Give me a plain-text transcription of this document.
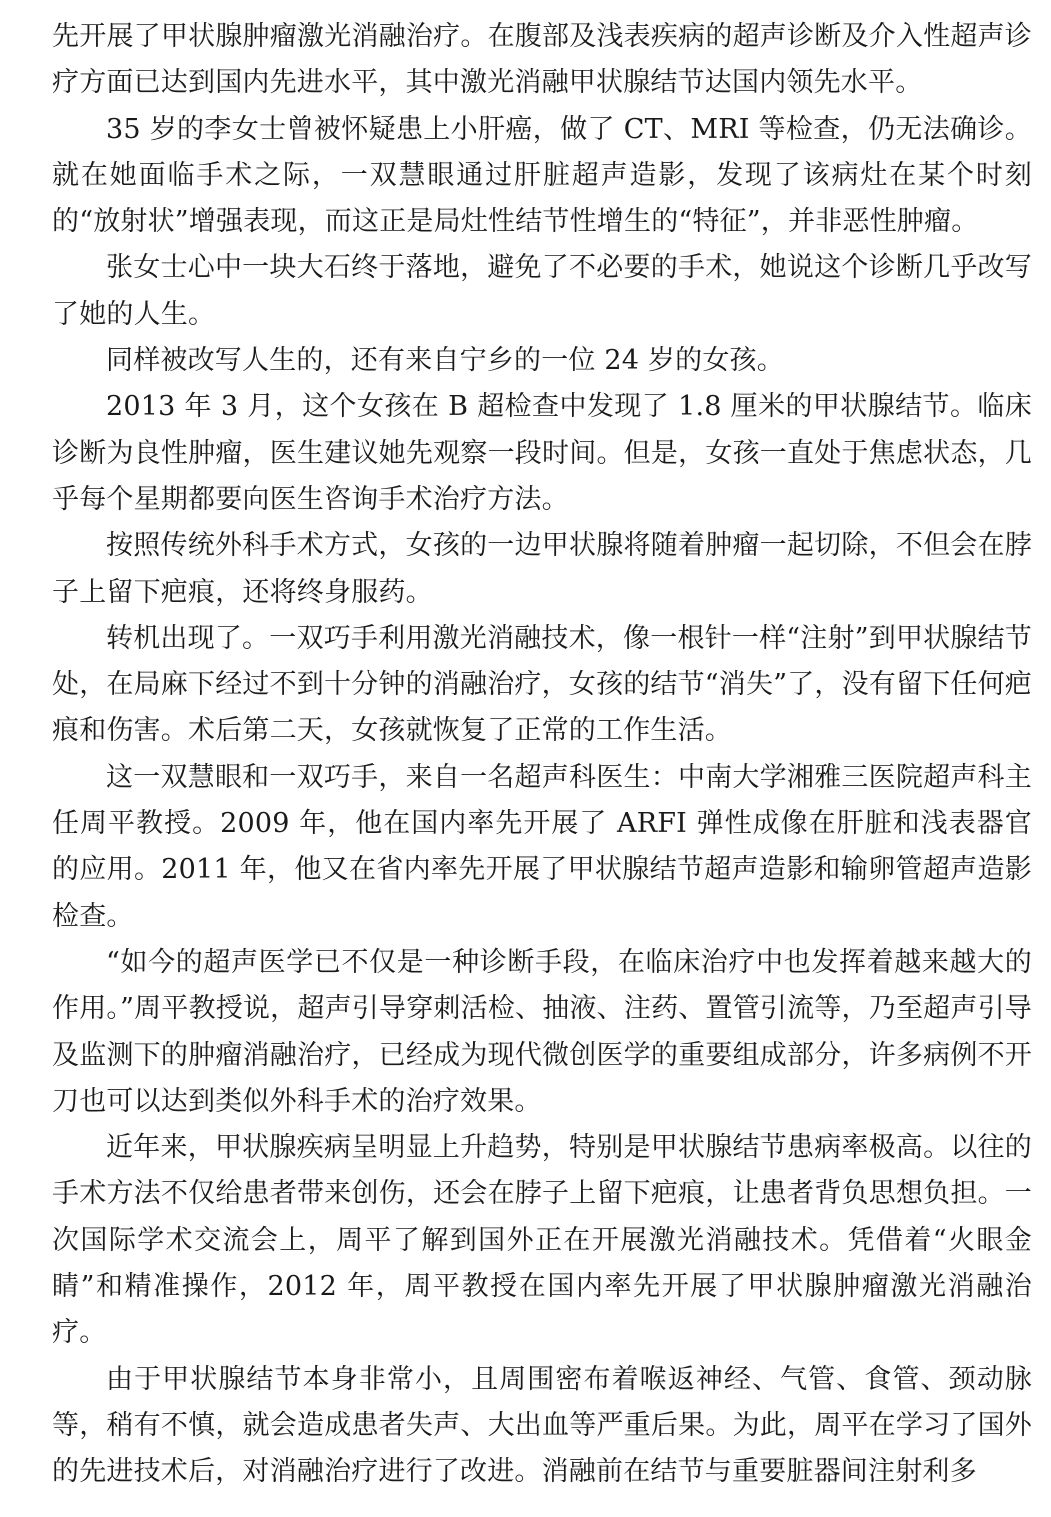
先开展了甲状腺肿瘤激光消融治疗。在腹部及浅表疾病的超声诊断及介入性超声诊疗方面已达到国内先进水平，其中激光消融甲状腺结节达国内领先水平。

35 岁的李女士曾被怀疑患上小肝癌，做了 CT、MRI 等检查，仍无法确诊。就在她面临手术之际，一双慧眼通过肝脏超声造影，发现了该病灶在某个时刻的“放射状”增强表现，而这正是局灶性结节性增生的“特征”，并非恶性肿瘤。

张女士心中一块大石终于落地，避免了不必要的手术，她说这个诊断几乎改写了她的人生。

同样被改写人生的，还有来自宁乡的一位 24 岁的女孩。

2013 年 3 月，这个女孩在 B 超检查中发现了 1.8 厘米的甲状腺结节。临床诊断为良性肿瘤，医生建议她先观察一段时间。但是，女孩一直处于焦虑状态，几乎每个星期都要向医生咨询手术治疗方法。

按照传统外科手术方式，女孩的一边甲状腺将随着肿瘤一起切除，不但会在脖子上留下疤痕，还将终身服药。

转机出现了。一双巧手利用激光消融技术，像一根针一样“注射”到甲状腺结节处，在局麻下经过不到十分钟的消融治疗，女孩的结节“消失”了，没有留下任何疤痕和伤害。术后第二天，女孩就恢复了正常的工作生活。

这一双慧眼和一双巧手，来自一名超声科医生：中南大学湘雅三医院超声科主任周平教授。2009 年，他在国内率先开展了 ARFI 弹性成像在肝脏和浅表器官的应用。2011 年，他又在省内率先开展了甲状腺结节超声造影和输卵管超声造影检查。

“如今的超声医学已不仅是一种诊断手段，在临床治疗中也发挥着越来越大的作用。”周平教授说，超声引导穿刺活检、抽液、注药、置管引流等，乃至超声引导及监测下的肿瘤消融治疗，已经成为现代微创医学的重要组成部分，许多病例不开刀也可以达到类似外科手术的治疗效果。

近年来，甲状腺疾病呈明显上升趋势，特别是甲状腺结节患病率极高。以往的手术方法不仅给患者带来创伤，还会在脖子上留下疤痕，让患者背负思想负担。一次国际学术交流会上，周平了解到国外正在开展激光消融技术。凭借着“火眼金睛”和精准操作，2012 年，周平教授在国内率先开展了甲状腺肿瘤激光消融治疗。

由于甲状腺结节本身非常小，且周围密布着喉返神经、气管、食管、颈动脉等，稍有不慎，就会造成患者失声、大出血等严重后果。为此，周平在学习了国外的先进技术后，对消融治疗进行了改进。消融前在结节与重要脏器间注射利多
